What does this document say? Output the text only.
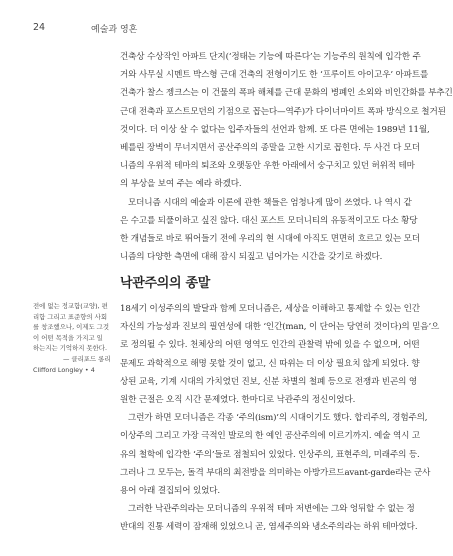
24	예술과 영혼
건축상 수상작인 아파트 단지(‘정태는 기능에 따른다’는 기능주의 원칙에 입각한 주
거와 사무실 시멘트 박스형 근대 건축의 전형이기도 한 ‘프루이트 아이고우’ 아파트를
건축가 찰스 젱크스는 이 건물의 폭파 해체를 근대 문화의 병폐인 소외와 비인간화를 부추긴
근대 전축과 포스트모던의 기점으로 꼽는다—역주)가 다이너마이트 폭파 방식으로 철거된
것이다. 더 이상 살 수 없다는 입주자들의 선언과 함께. 또 다른 면에는 1989년 11월,
베를린 장벽이 무너지면서 공산주의의 종말을 고한 시기로 꼽힌다. 두 사건 다 모더
니즘의 우위적 테마의 퇴조와 오랫동안 우한 아래에서 숭구치고 있던 허위적 테마
의 부상을 보여 주는 예라 하겠다.
모더니즘 시대의 예술과 이론에 관한 책들은 엄청나게 많이 쓰였다. 나 역시 같
은 수고를 되풀이하고 싶진 않다. 대신 포스트 모더니티의 유동적이고도 다소 황당
한 개념들로 바로 뛰어들기 전에 우리의 현 시대에 아직도 면면히 흐르고 있는 모더
니즘의 다양한 측면에 대해 잠시 되짚고 넘어가는 시간을 갖기로 하겠다.
낙관주의의 종말
18세기 이성주의의 발달과 함께 모더니즘은, 세상을 이해하고 통제할 수 있는 인간
자신의 가능성과 진보의 필연성에 대한 ‘인간(man, 이 단어는 당연히 것이다)의 믿음’으
로 정의될 수 있다. 천체상의 어떤 영역도 인간의 관찰력 밖에 있을 수 없으며, 어떤
문제도 과학적으로 해명 못할 것이 없고, 신 따위는 더 이상 필요치 않게 되었다. 향
상된 교육, 기계 시대의 가치였던 진보, 신분 차별의 철폐 등으로 전쟁과 빈곤의 영
원한 근절은 오직 시간 문제였다. 한마디로 낙관주의 정신이었다.
그런가 하면 모더니즘은 각종 ‘주의(ism)’의 시대이기도 했다. 합리주의, 경험주의,
이상주의 그리고 가장 극적인 발로의 한 예인 공산주의에 이르기까지. 예술 역시 고
유의 철학에 입각한 ‘주의’들로 점철되어 있었다. 인상주의, 표현주의, 미래주의 등.
그러나 그 모두는, 돌격 부대의 최전방을 의미하는 아방가르드avant-garde라는 군사
용어 아래 결집되어 있었다.
그러한 낙관주의라는 모더니즘의 우위적 테마 저변에는 그와 엉뒤할 수 없는 정
반대의 진통 세력이 잠재해 있었으니 곧, 염세주의와 냉소주의라는 하위 테마였다.
전에 없는 정교함(교양), 편
리함 그리고 표준향의 사회
를 창조했으나, 이제도 그것
이 어떤 목적을 가지고 일
하는지는 기억하지 못한다.
— 클리포드 롱리
Clifford Longley • 4
